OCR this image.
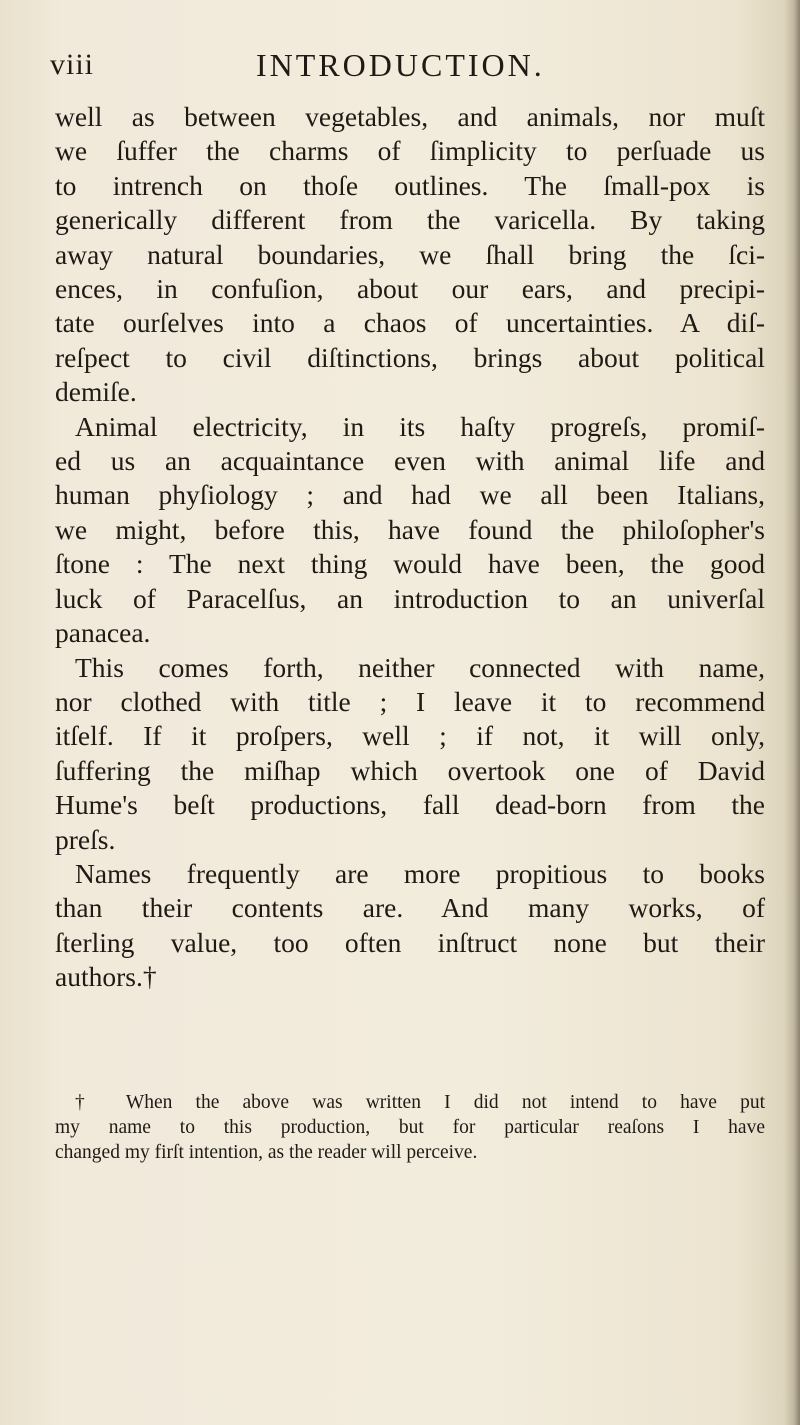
viii	INTRODUCTION.
well as between vegetables, and animals, nor muſt
we ſuffer the charms of ſimplicity to perſuade us
to intrench on thoſe outlines. The ſmall-pox is
generically different from the varicella. By taking
away natural boundaries, we ſhall bring the ſci-
ences, in confuſion, about our ears, and precipi-
tate ourſelves into a chaos of uncertainties. A diſ-
reſpect to civil diſtinctions, brings about political
demiſe.
Animal electricity, in its haſty progreſs, promiſ-
ed us an acquaintance even with animal life and
human phyſiology ; and had we all been Italians,
we might, before this, have found the philoſopher's
ſtone : The next thing would have been, the good
luck of Paracelſus, an introduction to an univerſal
panacea.
This comes forth, neither connected with name,
nor clothed with title ; I leave it to recommend
itſelf. If it proſpers, well ; if not, it will only,
ſuffering the miſhap which overtook one of David
Hume's beſt productions, fall dead-born from the
preſs.
Names frequently are more propitious to books
than their contents are. And many works, of
ſterling value, too often inſtruct none but their
authors.†
† When the above was written I did not intend to have put
my name to this production, but for particular reaſons I have
changed my firſt intention, as the reader will perceive.
